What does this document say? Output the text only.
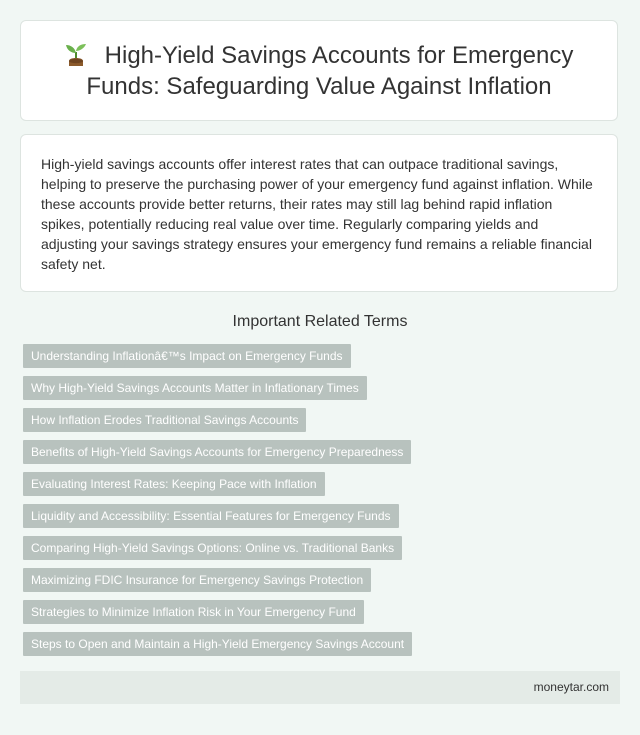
High-Yield Savings Accounts for Emergency Funds: Safeguarding Value Against Inflation

High-yield savings accounts offer interest rates that can outpace traditional savings, helping to preserve the purchasing power of your emergency fund against inflation. While these accounts provide better returns, their rates may still lag behind rapid inflation spikes, potentially reducing real value over time. Regularly comparing yields and adjusting your savings strategy ensures your emergency fund remains a reliable financial safety net.

Important Related Terms
Understanding Inflationâ€™s Impact on Emergency Funds
Why High-Yield Savings Accounts Matter in Inflationary Times
How Inflation Erodes Traditional Savings Accounts
Benefits of High-Yield Savings Accounts for Emergency Preparedness
Evaluating Interest Rates: Keeping Pace with Inflation
Liquidity and Accessibility: Essential Features for Emergency Funds
Comparing High-Yield Savings Options: Online vs. Traditional Banks
Maximizing FDIC Insurance for Emergency Savings Protection
Strategies to Minimize Inflation Risk in Your Emergency Fund
Steps to Open and Maintain a High-Yield Emergency Savings Account
moneytar.com
